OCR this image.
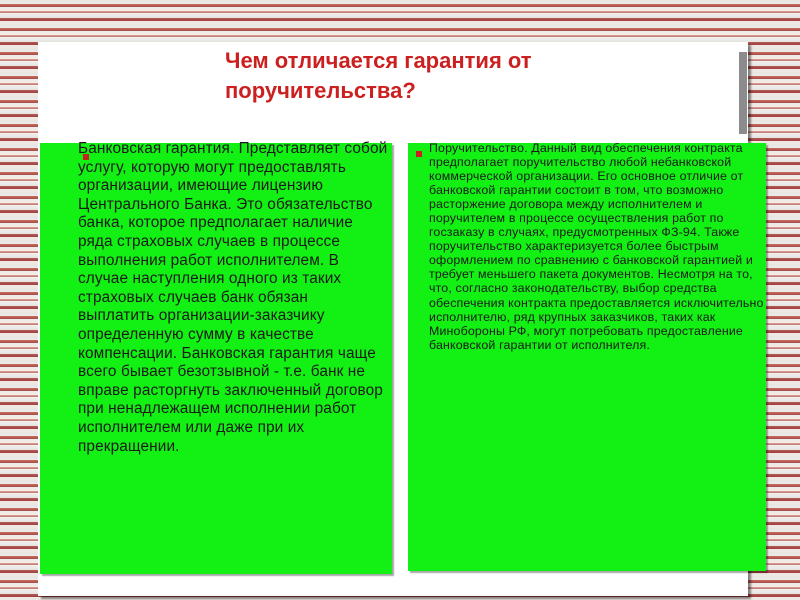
Чем отличается гарантия от поручительства?

Банковская гарантия. Представляет собой услугу, которую могут предоставлять организации, имеющие лицензию Центрального Банка. Это обязательство банка, которое предполагает наличие ряда страховых случаев в процессе выполнения работ исполнителем. В случае наступления одного из таких страховых случаев банк обязан выплатить организации-заказчику определенную сумму в качестве компенсации. Банковская гарантия чаще всего бывает безотзывной - т.е. банк не вправе расторгнуть заключенный договор при ненадлежащем исполнении работ исполнителем или даже при их прекращении.

Поручительство. Данный вид обеспечения контракта предполагает поручительство любой небанковской коммерческой организации. Его основное отличие от банковской гарантии состоит в том, что возможно расторжение договора между исполнителем и поручителем в процессе осуществления работ по госзаказу в случаях, предусмотренных ФЗ-94. Также поручительство характеризуется более быстрым оформлением по сравнению с банковской гарантией и требует меньшего пакета документов. Несмотря на то, что, согласно законодательству, выбор средства обеспечения контракта предоставляется исключительно исполнителю, ряд крупных заказчиков, таких как Минобороны РФ, могут потребовать предоставление банковской гарантии от исполнителя.
